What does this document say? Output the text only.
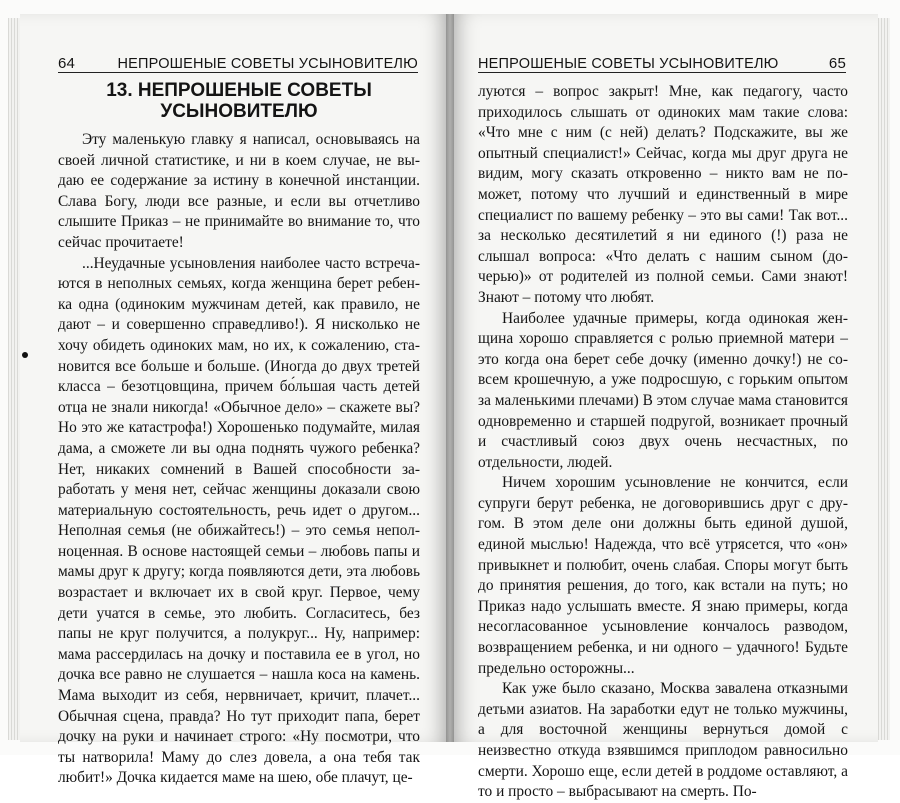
64	НЕПРОШЕНЫЕ СОВЕТЫ УСЫНОВИТЕЛЮ
13. НЕПРОШЕНЫЕ СОВЕТЫ
УСЫНОВИТЕЛЮ

Эту маленькую главку я написал, основываясь на своей личной статистике, и ни в коем случае, не выдаю ее содержание за истину в конечной инстанции. Слава Богу, люди все разные, и если вы отчетливо слышите Приказ – не принимайте во внимание то, что сейчас прочитаете!

...Неудачные усыновления наиболее часто встречаются в неполных семьях, когда женщина берет ребенка одна (одиноким мужчинам детей, как правило, не дают – и совершенно справедливо!). Я нисколько не хочу обидеть одиноких мам, но их, к сожалению, становится все больше и больше. (Иногда до двух третей класса – безотцовщина, причем бо́льшая часть детей отца не знали никогда! «Обычное дело» – скажете вы? Но это же катастрофа!) Хорошенько подумайте, милая дама, а сможете ли вы одна поднять чужого ребенка? Нет, никаких сомнений в Вашей способности заработать у меня нет, сейчас женщины доказали свою материальную состоятельность, речь идет о другом... Неполная семья (не обижайтесь!) – это семья неполноценная. В основе настоящей семьи – любовь папы и мамы друг к другу; когда появляются дети, эта любовь возрастает и включает их в свой круг. Первое, чему дети учатся в семье, это любить. Согласитесь, без папы не круг получится, а полукруг... Ну, например: мама рассердилась на дочку и поставила ее в угол, но дочка все равно не слушается – нашла коса на камень. Мама выходит из себя, нервничает, кричит, плачет... Обычная сцена, правда? Но тут приходит папа, берет дочку на руки и начинает строго: «Ну посмотри, что ты натворила! Маму до слез довела, а она тебя так любит!» Дочка кидается маме на шею, обе плачут, це-

НЕПРОШЕНЫЕ СОВЕТЫ УСЫНОВИТЕЛЮ	65

луются – вопрос закрыт! Мне, как педагогу, часто приходилось слышать от одиноких мам такие слова: «Что мне с ним (с ней) делать? Подскажите, вы же опытный специалист!» Сейчас, когда мы друг друга не видим, могу сказать откровенно – никто вам не поможет, потому что лучший и единственный в мире специалист по вашему ребенку – это вы сами! Так вот... за несколько десятилетий я ни единого (!) раза не слышал вопроса: «Что делать с нашим сыном (дочерью)» от родителей из полной семьи. Сами знают! Знают – потому что любят.

Наиболее удачные примеры, когда одинокая женщина хорошо справляется с ролью приемной матери – это когда она берет себе дочку (именно дочку!) не совсем крошечную, а уже подросшую, с горьким опытом за маленькими плечами) В этом случае мама становится одновременно и старшей подругой, возникает прочный и счастливый союз двух очень несчастных, по отдельности, людей.

Ничем хорошим усыновление не кончится, если супруги берут ребенка, не договорившись друг с другом. В этом деле они должны быть единой душой, единой мыслью! Надежда, что всё утрясется, что «он» привыкнет и полюбит, очень слабая. Споры могут быть до принятия решения, до того, как встали на путь; но Приказ надо услышать вместе. Я знаю примеры, когда несогласованное усыновление кончалось разводом, возвращением ребенка, и ни одного – удачного! Будьте предельно осторожны...

Как уже было сказано, Москва завалена отказными детьми азиатов. На заработки едут не только мужчины, а для восточной женщины вернуться домой с неизвестно откуда взявшимся приплодом равносильно смерти. Хорошо еще, если детей в роддоме оставляют, а то и просто – выбрасывают на смерть. По-
